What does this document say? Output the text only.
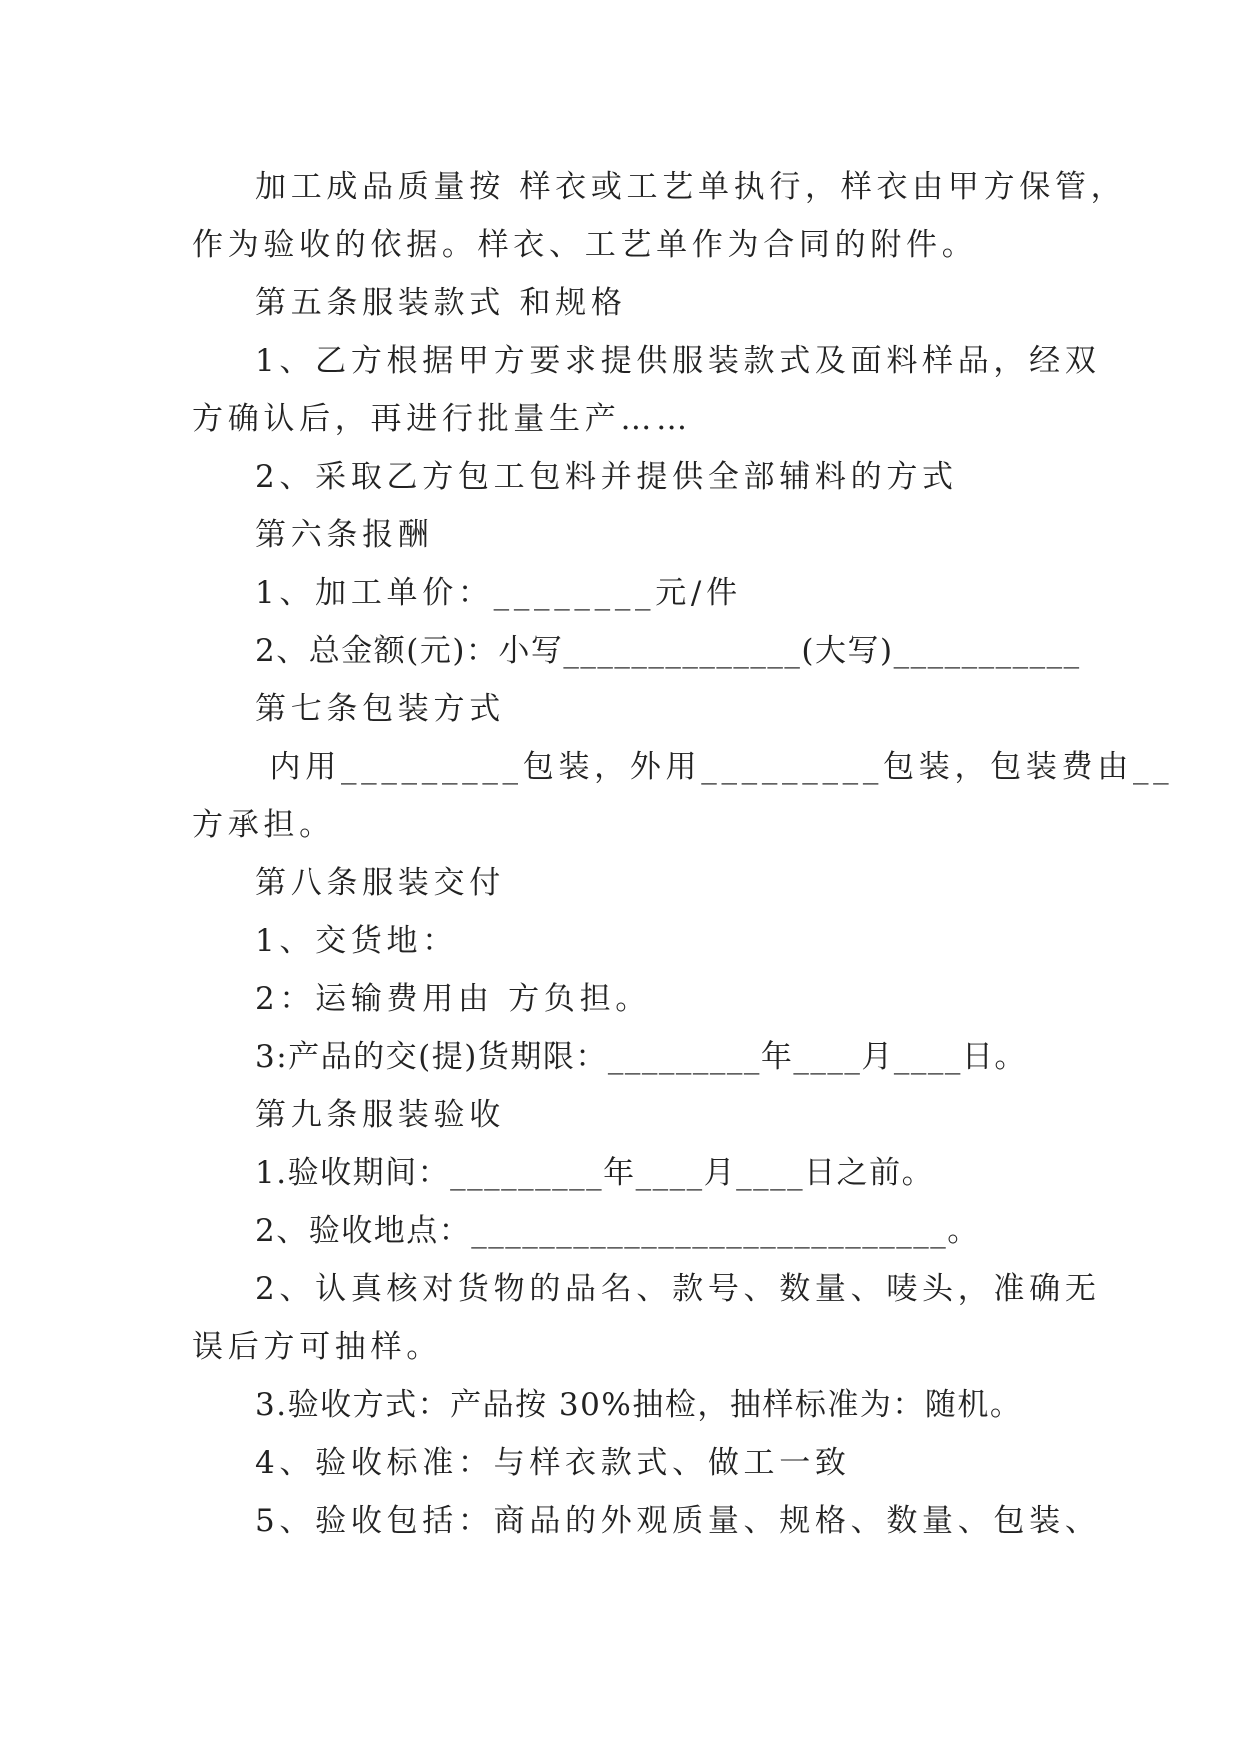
加工成品质量按 样衣或工艺单执行，样衣由甲方保管，
作为验收的依据。样衣、工艺单作为合同的附件。
第五条服装款式 和规格
1、乙方根据甲方要求提供服装款式及面料样品，经双
方确认后，再进行批量生产……
2、采取乙方包工包料并提供全部辅料的方式
第六条报酬
1、加工单价：________元/件
2、总金额(元)：小写______________(大写)___________
第七条包装方式
内用_________包装，外用_________包装，包装费由__
方承担。
第八条服装交付
1、交货地：
2：运输费用由 方负担。
3:产品的交(提)货期限：_________年____月____日。
第九条服装验收
1.验收期间：_________年____月____日之前。
2、验收地点：____________________________。
2、认真核对货物的品名、款号、数量、唛头，准确无
误后方可抽样。
3.验收方式：产品按 30%抽检，抽样标准为：随机。
4、验收标准：与样衣款式、做工一致
5、验收包括：商品的外观质量、规格、数量、包装、
